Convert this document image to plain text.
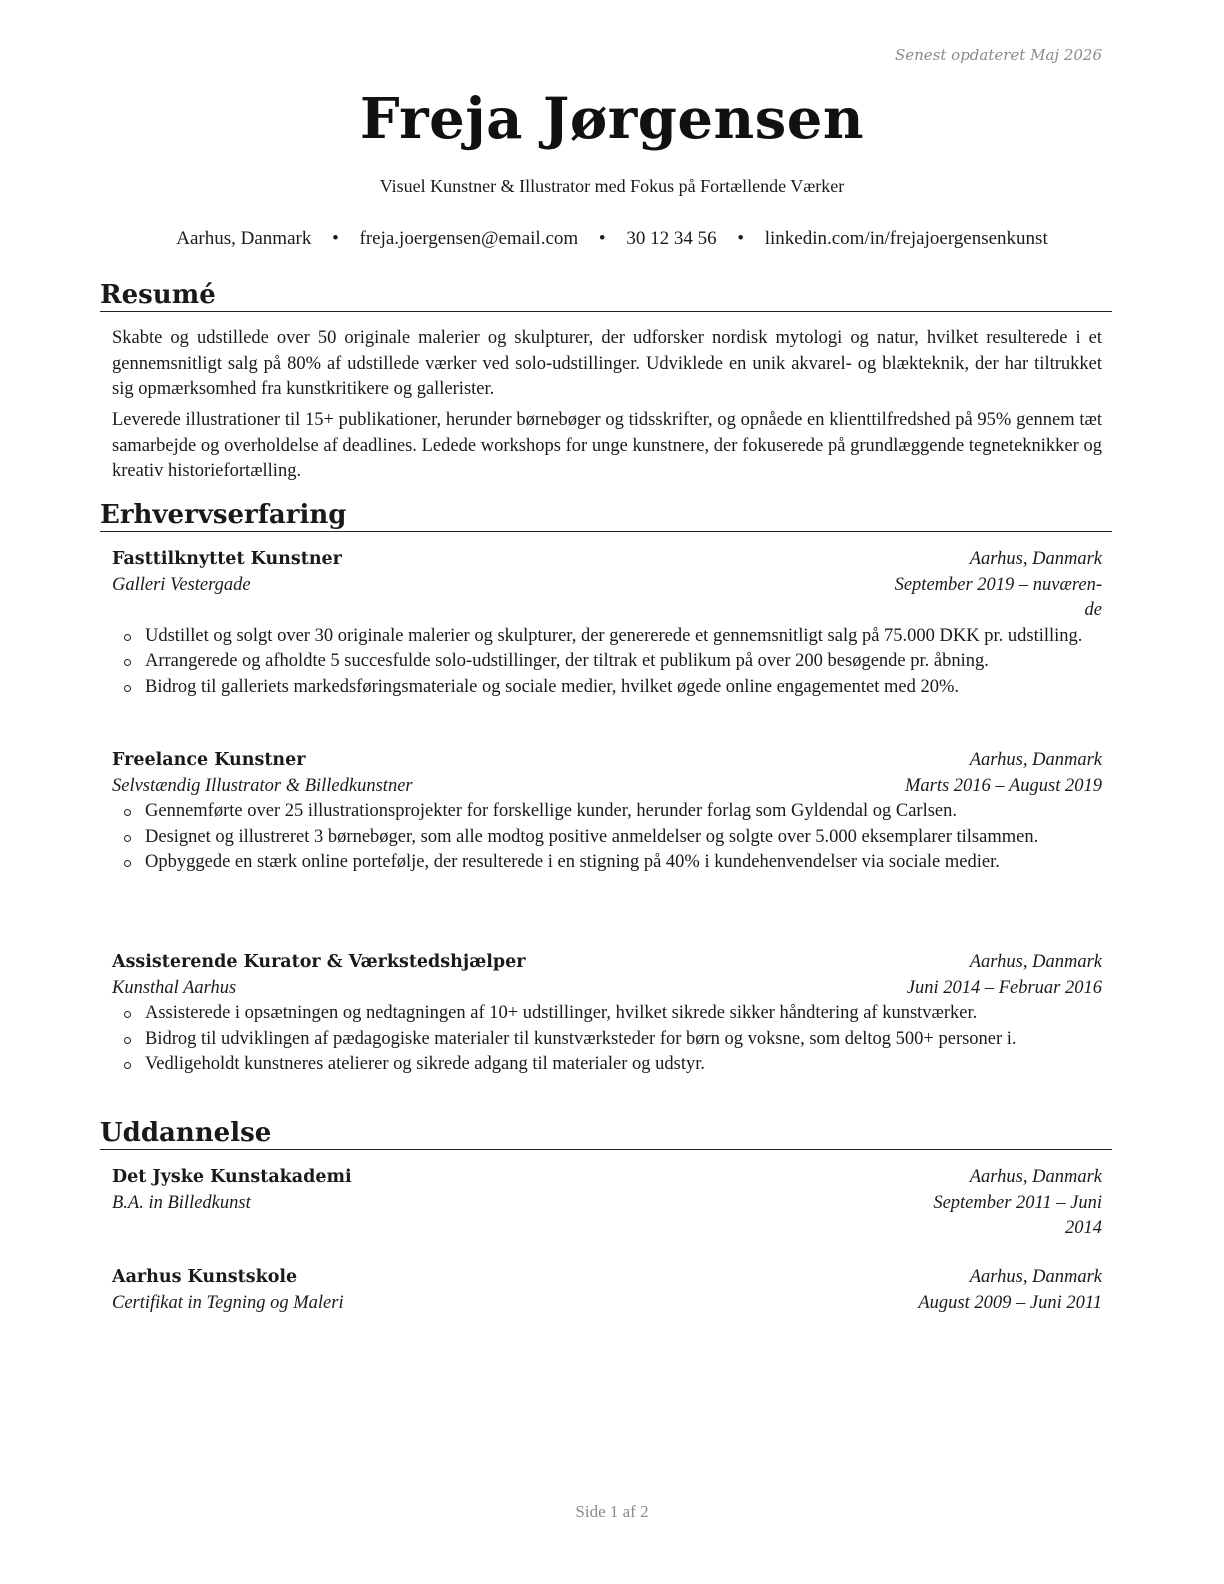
Senest opdateret Maj 2026
Freja Jørgensen
Visuel Kunstner & Illustrator med Fokus på Fortællende Værker
Aarhus, Danmark • freja.joergensen@email.com • 30 12 34 56 • linkedin.com/in/frejajoergensenkunst
Resumé
Skabte og udstillede over 50 originale malerier og skulpturer, der udforsker nordisk mytologi og natur, hvilket resulterede i et gennemsnitligt salg på 80% af udstillede værker ved solo-udstillinger. Udviklede en unik akvarel- og blækteknik, der har tiltrukket sig opmærksomhed fra kunstkritikere og gallerister.
Leverede illustrationer til 15+ publikationer, herunder børnebøger og tidsskrifter, og opnåede en klienttilfredshed på 95% gennem tæt samarbejde og overholdelse af deadlines. Ledede workshops for unge kunstnere, der fokuserede på grundlæggende tegneteknikker og kreativ historiefortælling.
Erhvervserfaring
Fasttilknyttet Kunstner	Aarhus, Danmark
Galleri Vestergade	September 2019 – nuværen-
de
Udstillet og solgt over 30 originale malerier og skulpturer, der genererede et gennemsnitligt salg på 75.000 DKK pr. udstilling.
Arrangerede og afholdte 5 succesfulde solo-udstillinger, der tiltrak et publikum på over 200 besøgende pr. åbning.
Bidrog til galleriets markedsføringsmateriale og sociale medier, hvilket øgede online engagementet med 20%.
Freelance Kunstner	Aarhus, Danmark
Selvstændig Illustrator & Billedkunstner	Marts 2016 – August 2019
Gennemførte over 25 illustrationsprojekter for forskellige kunder, herunder forlag som Gyldendal og Carlsen.
Designet og illustreret 3 børnebøger, som alle modtog positive anmeldelser og solgte over 5.000 eksemplarer tilsammen.
Opbyggede en stærk online portefølje, der resulterede i en stigning på 40% i kundehenvendelser via sociale medier.
Assisterende Kurator & Værkstedshjælper	Aarhus, Danmark
Kunsthal Aarhus	Juni 2014 – Februar 2016
Assisterede i opsætningen og nedtagningen af 10+ udstillinger, hvilket sikrede sikker håndtering af kunstværker.
Bidrog til udviklingen af pædagogiske materialer til kunstværksteder for børn og voksne, som deltog 500+ personer i.
Vedligeholdt kunstneres atelierer og sikrede adgang til materialer og udstyr.
Uddannelse
Det Jyske Kunstakademi	Aarhus, Danmark
B.A. in Billedkunst	September 2011 – Juni
2014
Aarhus Kunstskole	Aarhus, Danmark
Certifikat in Tegning og Maleri	August 2009 – Juni 2011
Side 1 af 2
